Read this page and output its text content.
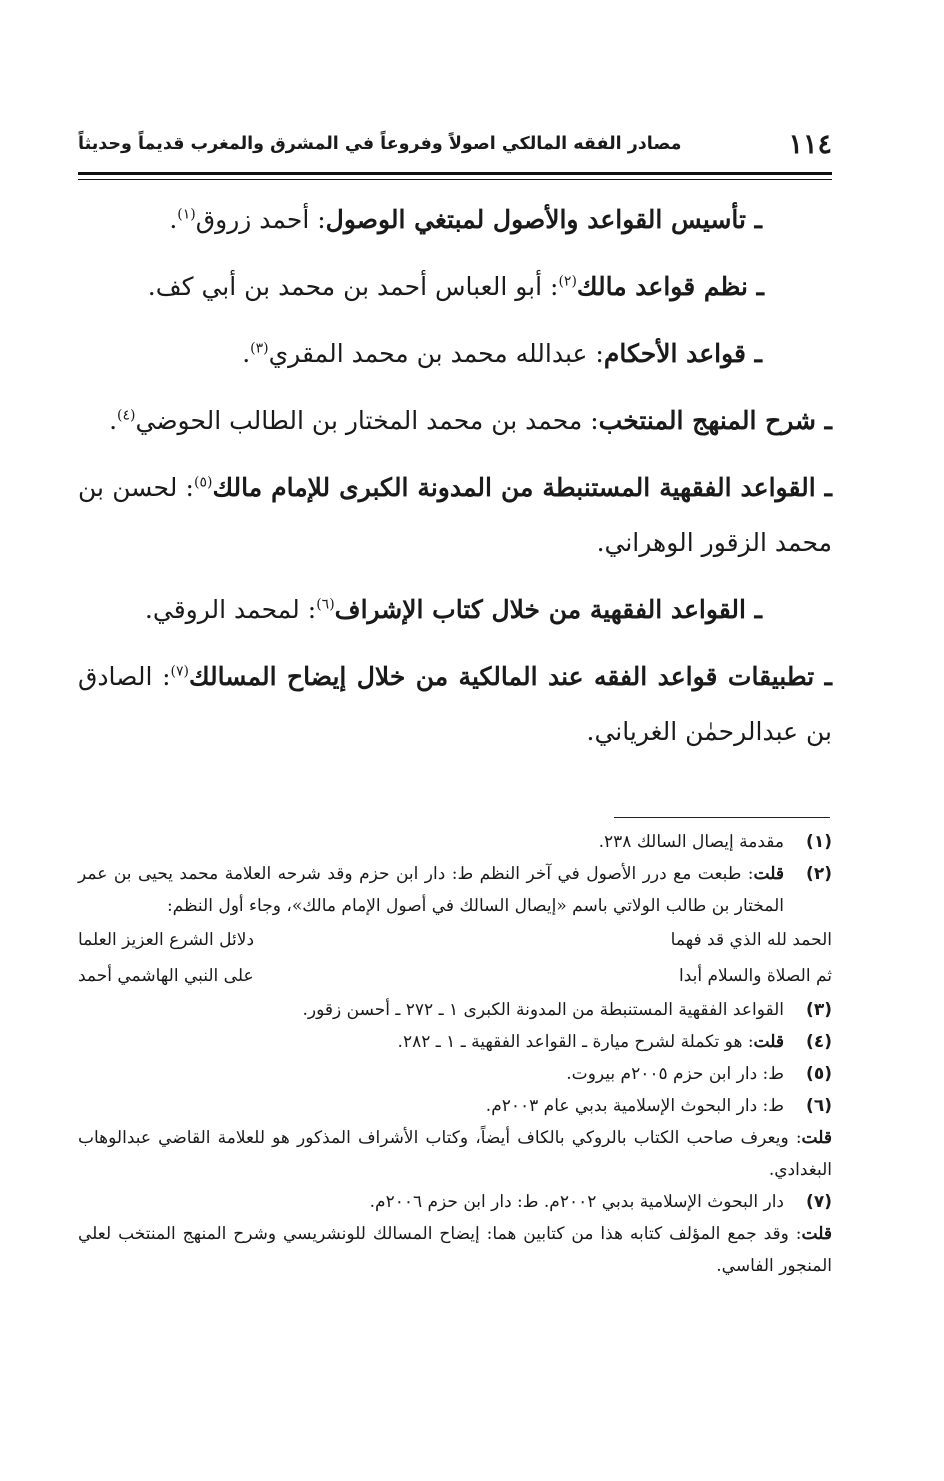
١١٤
مصادر الفقه المالكي اصولاً وفروعاً في المشرق والمغرب قديماً وحديثاً

ـ تأسيس القواعد والأصول لمبتغي الوصول: أحمد زروق$^{(١)}$.

ـ نظم قواعد مالك$^{(٢)}$: أبو العباس أحمد بن محمد بن أبي كف.

ـ قواعد الأحكام: عبدالله محمد بن محمد المقري$^{(٣)}$.

ـ شرح المنهج المنتخب: محمد بن محمد المختار بن الطالب الحوضي$^{(٤)}$.

ـ القواعد الفقهية المستنبطة من المدونة الكبرى للإمام مالك$^{(٥)}$: لحسن بن محمد الزقور الوهراني.

ـ القواعد الفقهية من خلال كتاب الإشراف$^{(٦)}$: لمحمد الروقي.

ـ تطبيقات قواعد الفقه عند المالكية من خلال إيضاح المسالك$^{(٧)}$: الصادق بن عبدالرحمٰن الغرياني.

(١)
مقدمة إيصال السالك ٢٣٨.
(٢)
قلت: طبعت مع درر الأصول في آخر النظم ط: دار ابن حزم وقد شرحه العلامة محمد يحيى بن عمر المختار بن طالب الولاتي باسم «إيصال السالك في أصول الإمام مالك»، وجاء أول النظم:
الحمد لله الذي قد فهما
دلائل الشرع العزيز العلما
ثم الصلاة والسلام أبدا
على النبي الهاشمي أحمد
(٣)
القواعد الفقهية المستنبطة من المدونة الكبرى ١ ـ ٢٧٢ ـ أحسن زقور.
(٤)
قلت: هو تكملة لشرح ميارة ـ القواعد الفقهية ـ ١ ـ ٢٨٢.
(٥)
ط: دار ابن حزم ٢٠٠٥م بيروت.
(٦)
ط: دار البحوث الإسلامية بدبي عام ٢٠٠٣م.
قلت: ويعرف صاحب الكتاب بالروكي بالكاف أيضاً، وكتاب الأشراف المذكور هو للعلامة القاضي عبدالوهاب البغدادي.
(٧)
دار البحوث الإسلامية بدبي ٢٠٠٢م. ط: دار ابن حزم ٢٠٠٦م.
قلت: وقد جمع المؤلف كتابه هذا من كتابين هما: إيضاح المسالك للونشريسي وشرح المنهج المنتخب لعلي المنجور الفاسي.
